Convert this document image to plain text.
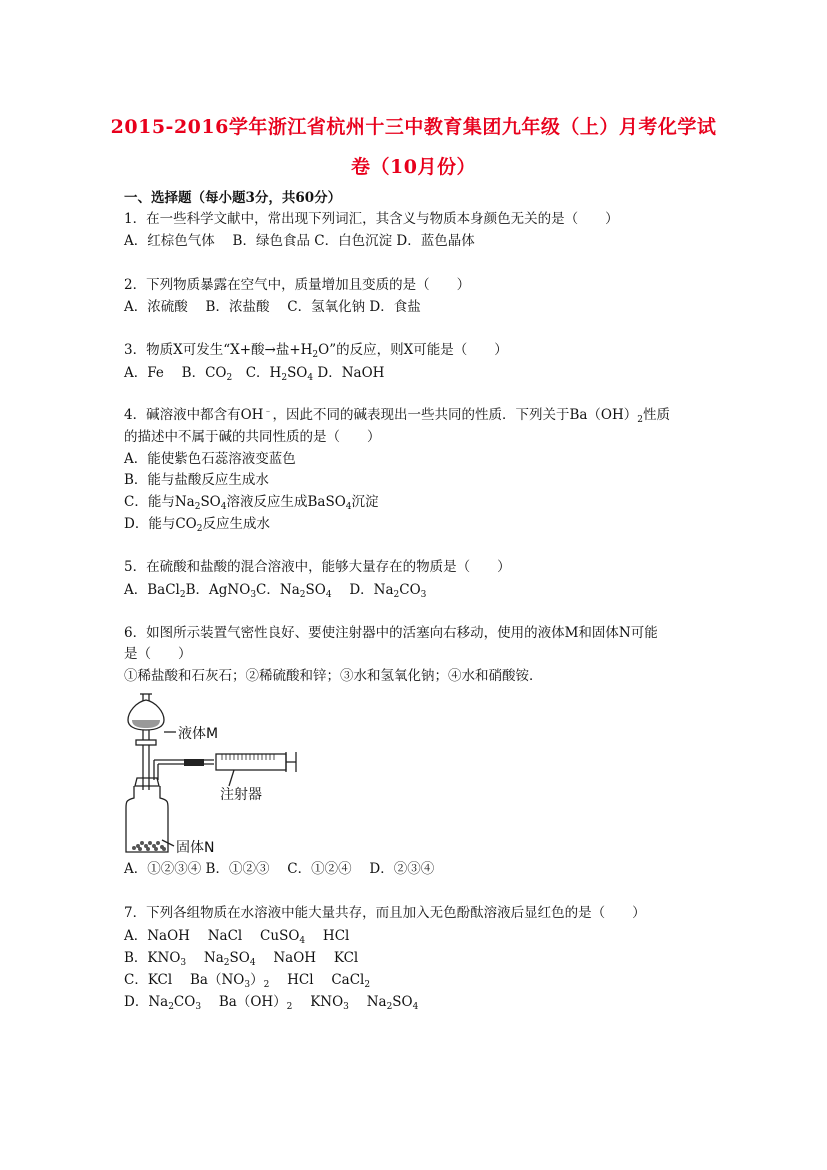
2015-2016学年浙江省杭州十三中教育集团九年级（上）月考化学试
卷（10月份）
一、选择题（每小题3分，共60分）
1．在一些科学文献中，常出现下列词汇，其含义与物质本身颜色无关的是（　　）
A．红棕色气体　 B．绿色食品 C．白色沉淀 D．蓝色晶体
2．下列物质暴露在空气中，质量增加且变质的是（　　）
A．浓硫酸　 B．浓盐酸　 C．氢氧化钠 D．食盐
3．物质X可发生“X+酸→盐$+H_2O$”的反应，则X可能是（　　）
A．Fe　 B．$CO_2$　C．$H_2SO_4$ D．NaOH
4．碱溶液中都含有OH﹣，因此不同的碱表现出一些共同的性质．下列关于$Ba(OH)_2$性质
的描述中不属于碱的共同性质的是（　　）
A．能使紫色石蕊溶液变蓝色
B．能与盐酸反应生成水
C．能与$Na_2SO_4$溶液反应生成BaSO$_4$沉淀
D．能与$CO_2$反应生成水
5．在硫酸和盐酸的混合溶液中，能够大量存在的物质是（　　）
A．BaCl$_2$B．AgNO$_3$C．$Na_2SO_4$　 D．$Na_2CO_3$
6．如图所示装置气密性良好、要使注射器中的活塞向右移动，使用的液体M和固体N可能
是（　　）
①稀盐酸和石灰石；②稀硫酸和锌；③水和氢氧化钠；④水和硝酸铵．
液体M
注射器
固体N
A．①②③④ B．①②③　 C．①②④　 D．②③④
7．下列各组物质在水溶液中能大量共存，而且加入无色酚酞溶液后显红色的是（　　）
A．NaOH　 NaCl　 CuSO$_4$　 HCl
B．$KNO_3$　 $Na_2SO_4$　 NaOH　 KCl
C．KCl　 $Ba(NO_3)_2$　 HCl　 CaCl$_2$
D．$Na_2CO_3$　 $Ba(OH)_2$　 $KNO_3$　 $Na_2SO_4$
